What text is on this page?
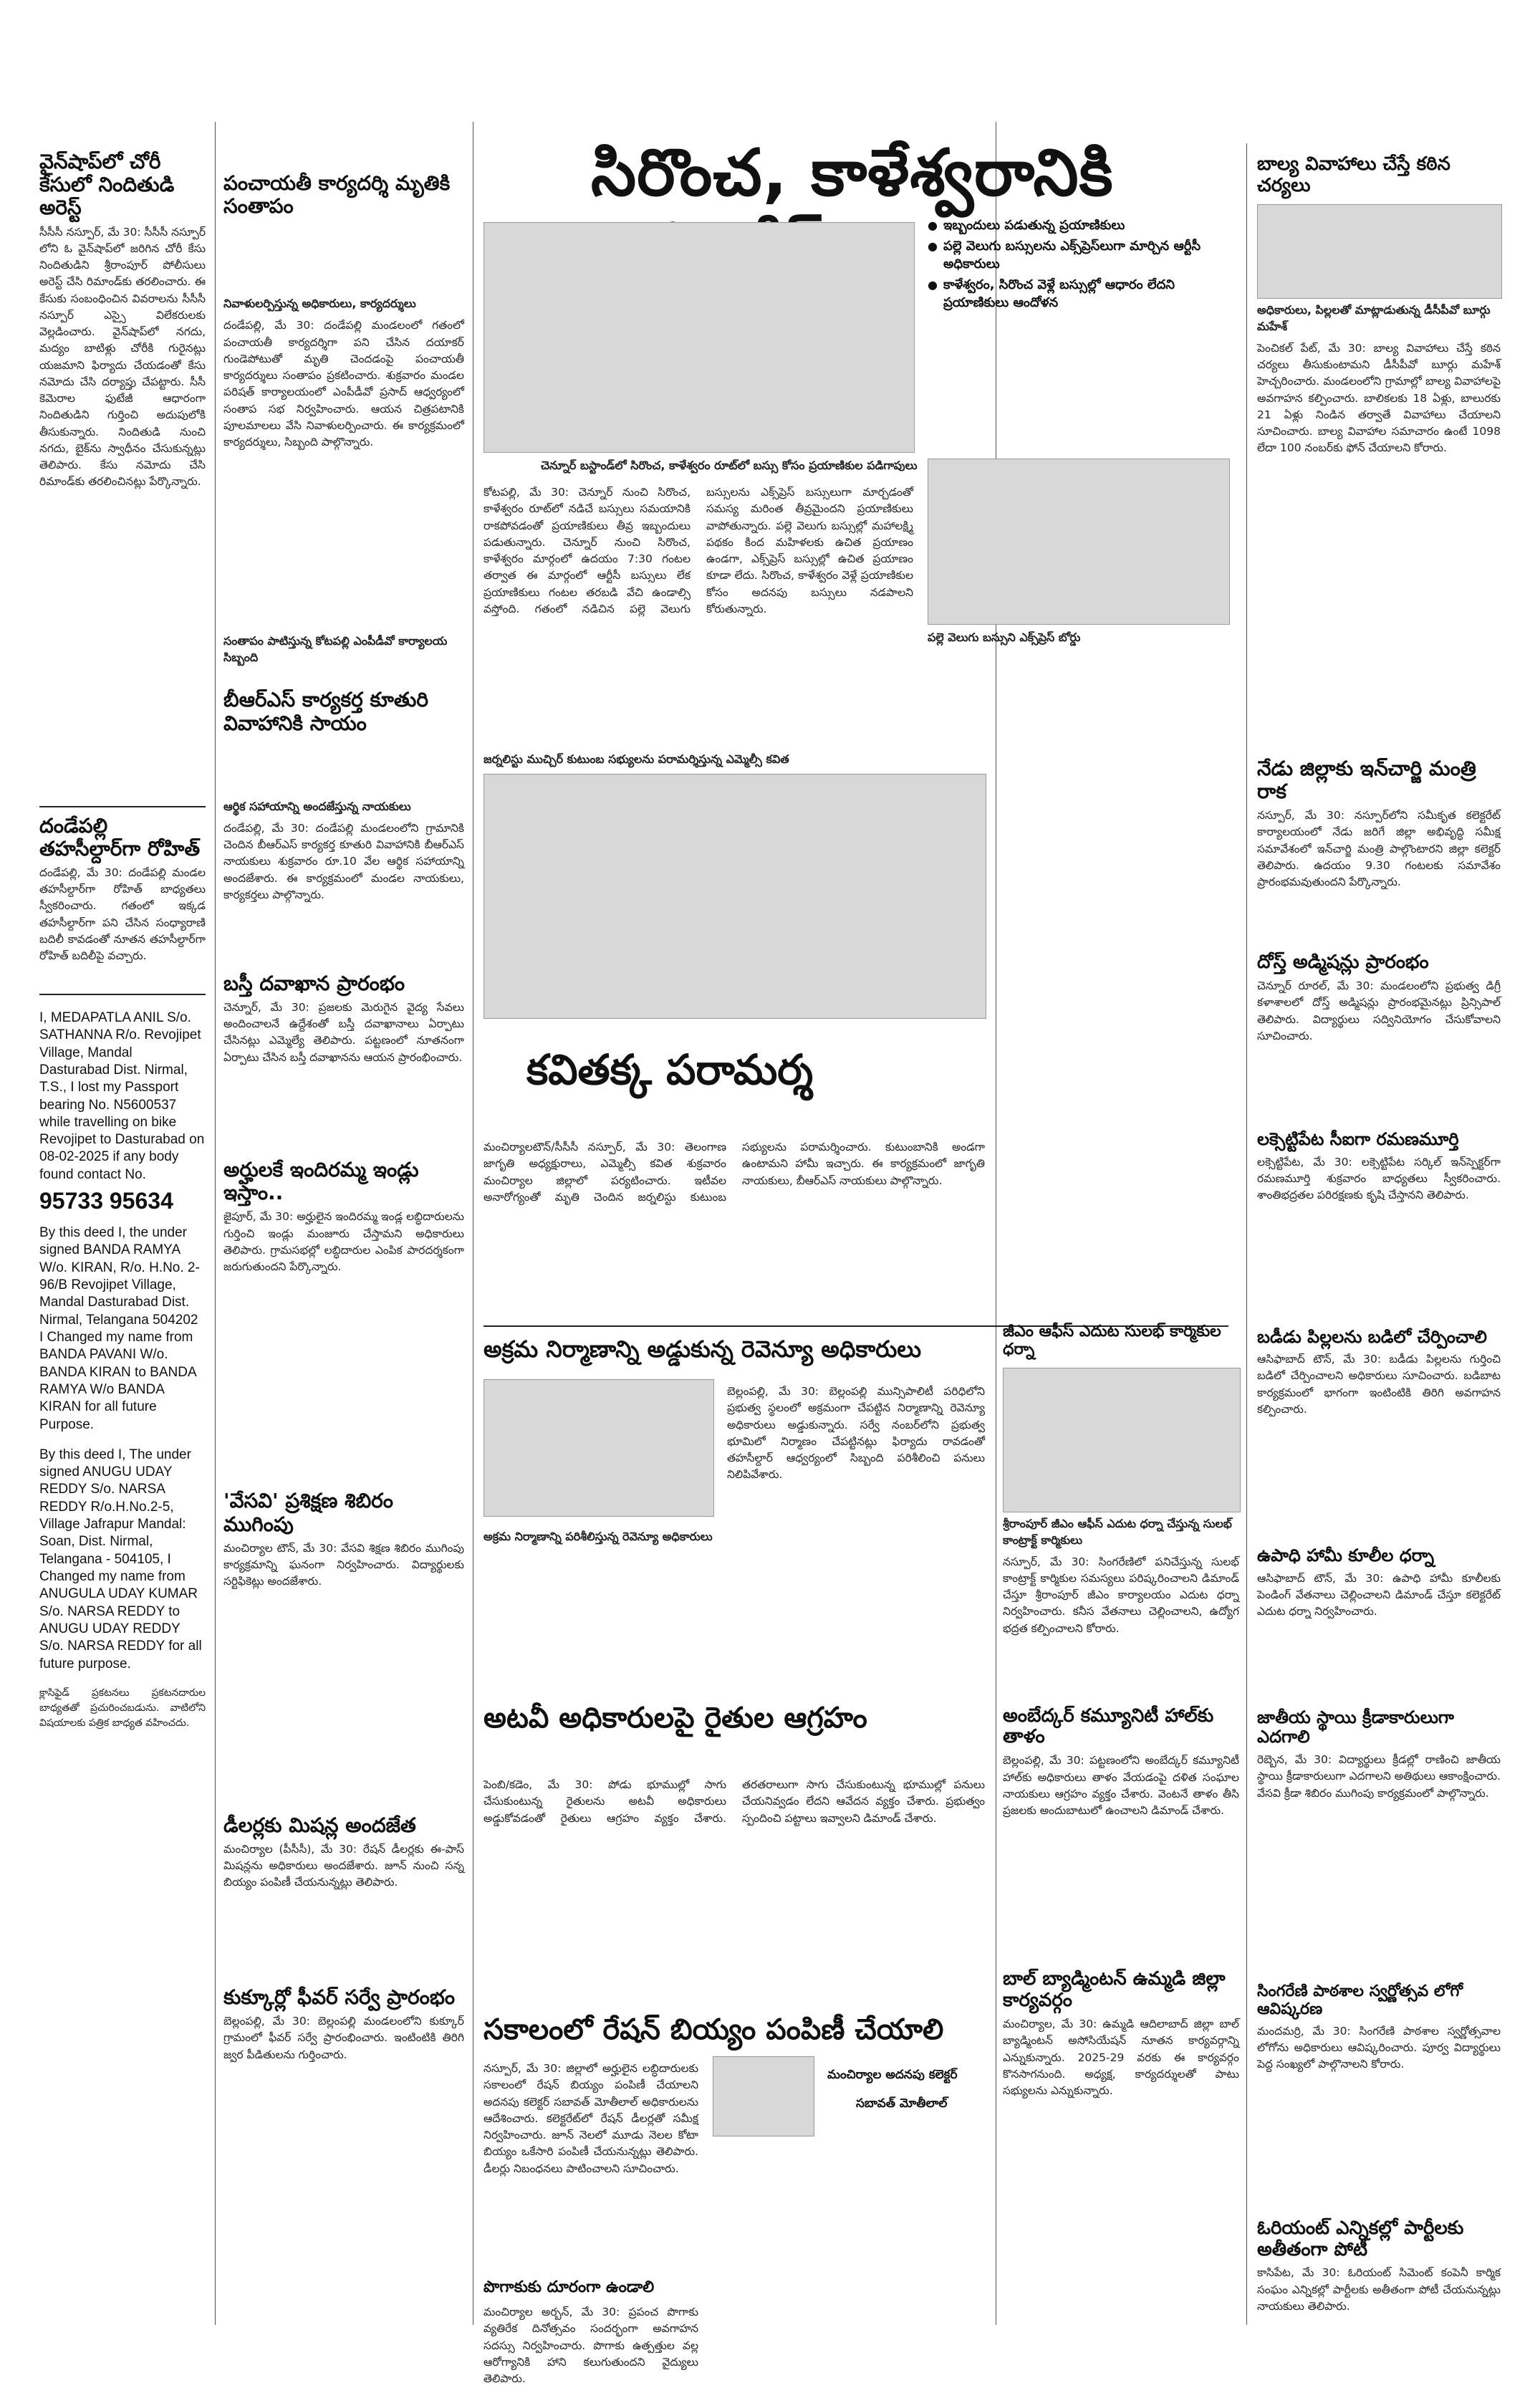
వైన్‌షాప్‌లో చోరీ కేసులో నిందితుడి అరెస్ట్
సీసీసీ నస్పూర్, మే 30: సీసీసీ నస్పూర్ లోని ఓ వైన్‌షాప్‌లో జరిగిన చోరీ కేసు నిందితుడిని శ్రీరాంపూర్ పోలీసులు అరెస్ట్ చేసి రిమాండ్‌కు తరలించారు. ఈ కేసుకు సంబంధించిన వివరాలను సీసీసీ నస్పూర్ ఎస్సై విలేకరులకు వెల్లడించారు. వైన్‌షాప్‌లో నగదు, మద్యం బాటిళ్లు చోరీకి గురైనట్లు యజమాని ఫిర్యాదు చేయడంతో కేసు నమోదు చేసి దర్యాప్తు చేపట్టారు. సీసీ కెమెరాల ఫుటేజీ ఆధారంగా నిందితుడిని గుర్తించి అదుపులోకి తీసుకున్నారు. నిందితుడి నుంచి నగదు, బైక్‌ను స్వాధీనం చేసుకున్నట్లు తెలిపారు. కేసు నమోదు చేసి రిమాండ్‌కు తరలించినట్లు పేర్కొన్నారు.
దండేపల్లి తహసీల్దార్‌గా రోహిత్
దండేపల్లి, మే 30: దండేపల్లి మండల తహసీల్దార్‌గా రోహిత్ బాధ్యతలు స్వీకరించారు. గతంలో ఇక్కడ తహసీల్దార్‌గా పని చేసిన సంధ్యారాణి బదిలీ కావడంతో నూతన తహసీల్దార్‌గా రోహిత్ బదిలీపై వచ్చారు.
I, MEDAPATLA ANIL S/o. SATHANNA R/o. Revojipet Village, Mandal Dasturabad Dist. Nirmal, T.S., I lost my Passport bearing No. N5600537 while travelling on bike Revojipet to Dasturabad on 08-02-2025 if any body found contact No.
95733 95634
By this deed I, the under signed BANDA RAMYA W/o. KIRAN, R/o. H.No. 2-96/B Revojipet Village, Mandal Dasturabad Dist. Nirmal, Telangana 504202 I Changed my name from BANDA PAVANI W/o. BANDA KIRAN to BANDA RAMYA W/o BANDA KIRAN for all future Purpose.
By this deed I, The under signed ANUGU UDAY REDDY S/o. NARSA REDDY R/o.H.No.2-5, Village Jafrapur Mandal: Soan, Dist. Nirmal, Telangana - 504105, I Changed my name from ANUGULA UDAY KUMAR S/o. NARSA REDDY to ANUGU UDAY REDDY S/o. NARSA REDDY for all future purpose.
క్లాసిఫైడ్ ప్రకటనలు ప్రకటనదారుల బాధ్యతతో ప్రచురించబడును. వాటిలోని విషయాలకు పత్రిక బాధ్యత వహించదు.
పంచాయతీ కార్యదర్శి మృతికి సంతాపం
నివాళులర్పిస్తున్న అధికారులు, కార్యదర్శులు
దండేపల్లి, మే 30: దండేపల్లి మండలంలో గతంలో పంచాయతీ కార్యదర్శిగా పని చేసిన దయాకర్ గుండెపోటుతో మృతి చెందడంపై పంచాయతీ కార్యదర్శులు సంతాపం ప్రకటించారు. శుక్రవారం మండల పరిషత్ కార్యాలయంలో ఎంపీడీవో ప్రసాద్ ఆధ్వర్యంలో సంతాప సభ నిర్వహించారు. ఆయన చిత్రపటానికి పూలమాలలు వేసి నివాళులర్పించారు. ఈ కార్యక్రమంలో కార్యదర్శులు, సిబ్బంది పాల్గొన్నారు.
సంతాపం పాటిస్తున్న కోటపల్లి ఎంపీడీవో కార్యాలయ సిబ్బంది
బీఆర్ఎస్ కార్యకర్త కూతురి వివాహానికి సాయం
ఆర్థిక సహాయాన్ని అందజేస్తున్న నాయకులు
దండేపల్లి, మే 30: దండేపల్లి మండలంలోని గ్రామానికి చెందిన బీఆర్ఎస్ కార్యకర్త కూతురి వివాహానికి బీఆర్ఎస్ నాయకులు శుక్రవారం రూ.10 వేల ఆర్థిక సహాయాన్ని అందజేశారు. ఈ కార్యక్రమంలో మండల నాయకులు, కార్యకర్తలు పాల్గొన్నారు.
బస్తీ దవాఖాన ప్రారంభం
చెన్నూర్, మే 30: ప్రజలకు మెరుగైన వైద్య సేవలు అందించాలనే ఉద్దేశంతో బస్తీ దవాఖానాలు ఏర్పాటు చేసినట్లు ఎమ్మెల్యే తెలిపారు. పట్టణంలో నూతనంగా ఏర్పాటు చేసిన బస్తీ దవాఖానను ఆయన ప్రారంభించారు.
అర్హులకే ఇందిరమ్మ ఇండ్లు ఇస్తాం..
జైపూర్, మే 30: అర్హులైన ఇందిరమ్మ ఇండ్ల లబ్ధిదారులను గుర్తించి ఇండ్లు మంజూరు చేస్తామని అధికారులు తెలిపారు. గ్రామసభల్లో లబ్ధిదారుల ఎంపిక పారదర్శకంగా జరుగుతుందని పేర్కొన్నారు.
'వేసవి' ప్రశిక్షణ శిబిరం ముగింపు
మంచిర్యాల టౌన్, మే 30: వేసవి శిక్షణ శిబిరం ముగింపు కార్యక్రమాన్ని ఘనంగా నిర్వహించారు. విద్యార్థులకు సర్టిఫికెట్లు అందజేశారు.
డీలర్లకు మిషన్ల అందజేత
మంచిర్యాల (పీసీసీ), మే 30: రేషన్ డీలర్లకు ఈ-పాస్ మిషన్లను అధికారులు అందజేశారు. జూన్ నుంచి సన్న బియ్యం పంపిణీ చేయనున్నట్లు తెలిపారు.
కుక్కూర్లో ఫీవర్ సర్వే ప్రారంభం
బెల్లంపల్లి, మే 30: బెల్లంపల్లి మండలంలోని కుక్కూర్ గ్రామంలో ఫీవర్ సర్వే ప్రారంభించారు. ఇంటింటికి తిరిగి జ్వర పీడితులను గుర్తించారు.
సిరొంచ, కాళేశ్వరానికి
● ఇబ్బందులు పడుతున్న ప్రయాణికులు
● పల్లె వెలుగు బస్సులను ఎక్స్‌ప్రెస్‌లుగా మార్చిన ఆర్టీసీ అధికారులు
● కాళేశ్వరం, సిరొంచ వెళ్లే బస్సుల్లో ఆధారం లేదని ప్రయాణికులు ఆందోళన
చెన్నూర్ బస్టాండ్‌లో సిరొంచ, కాళేశ్వరం రూట్‌లో బస్సు కోసం ప్రయాణికుల పడిగాపులు
పల్లె వెలుగు బస్సుని ఎక్స్‌ప్రెస్ బోర్డు
కోటపల్లి, మే 30: చెన్నూర్ నుంచి సిరొంచ, కాళేశ్వరం రూట్‌లో నడిచే బస్సులు సమయానికి రాకపోవడంతో ప్రయాణికులు తీవ్ర ఇబ్బందులు పడుతున్నారు. చెన్నూర్ నుంచి సిరొంచ, కాళేశ్వరం మార్గంలో ఉదయం 7:30 గంటల తర్వాత ఈ మార్గంలో ఆర్టీసీ బస్సులు లేక ప్రయాణికులు గంటల తరబడి వేచి ఉండాల్సి వస్తోంది. గతంలో నడిచిన పల్లె వెలుగు బస్సులను ఎక్స్‌ప్రెస్ బస్సులుగా మార్చడంతో సమస్య మరింత తీవ్రమైందని ప్రయాణికులు వాపోతున్నారు. పల్లె వెలుగు బస్సుల్లో మహాలక్ష్మి పథకం కింద మహిళలకు ఉచిత ప్రయాణం ఉండగా, ఎక్స్‌ప్రెస్ బస్సుల్లో ఉచిత ప్రయాణం కూడా లేదు. సిరొంచ, కాళేశ్వరం వెళ్లే ప్రయాణికుల కోసం అదనపు బస్సులు నడపాలని కోరుతున్నారు.
జర్నలిస్టు ముచ్చిర్ కుటుంబ సభ్యులను పరామర్శిస్తున్న ఎమ్మెల్సీ కవిత
కవితక్క పరామర్శ
మంచిర్యాలటౌన్/సీసీసీ నస్పూర్, మే 30: తెలంగాణ జాగృతి అధ్యక్షురాలు, ఎమ్మెల్సీ కవిత శుక్రవారం మంచిర్యాల జిల్లాలో పర్యటించారు. ఇటీవల అనారోగ్యంతో మృతి చెందిన జర్నలిస్టు కుటుంబ సభ్యులను పరామర్శించారు. కుటుంబానికి అండగా ఉంటామని హామీ ఇచ్చారు. ఈ కార్యక్రమంలో జాగృతి నాయకులు, బీఆర్ఎస్ నాయకులు పాల్గొన్నారు.
అక్రమ నిర్మాణాన్ని అడ్డుకున్న రెవెన్యూ అధికారులు
అక్రమ నిర్మాణాన్ని పరిశీలిస్తున్న రెవెన్యూ అధికారులు
బెల్లంపల్లి, మే 30: బెల్లంపల్లి మున్సిపాలిటీ పరిధిలోని ప్రభుత్వ స్థలంలో అక్రమంగా చేపట్టిన నిర్మాణాన్ని రెవెన్యూ అధికారులు అడ్డుకున్నారు. సర్వే నంబర్‌లోని ప్రభుత్వ భూమిలో నిర్మాణం చేపట్టినట్లు ఫిర్యాదు రావడంతో తహసీల్దార్ ఆధ్వర్యంలో సిబ్బంది పరిశీలించి పనులు నిలిపివేశారు.
అటవీ అధికారులపై రైతుల ఆగ్రహం
పెంబి/కడెం, మే 30: పోడు భూముల్లో సాగు చేసుకుంటున్న రైతులను అటవీ అధికారులు అడ్డుకోవడంతో రైతులు ఆగ్రహం వ్యక్తం చేశారు. తరతరాలుగా సాగు చేసుకుంటున్న భూముల్లో పనులు చేయనివ్వడం లేదని ఆవేదన వ్యక్తం చేశారు. ప్రభుత్వం స్పందించి పట్టాలు ఇవ్వాలని డిమాండ్ చేశారు.
సకాలంలో రేషన్ బియ్యం పంపిణీ చేయాలి
మంచిర్యాల అదనపు కలెక్టర్
సబావత్ మోతీలాల్
నస్పూర్, మే 30: జిల్లాలో అర్హులైన లబ్ధిదారులకు సకాలంలో రేషన్ బియ్యం పంపిణీ చేయాలని అదనపు కలెక్టర్ సబావత్ మోతీలాల్ అధికారులను ఆదేశించారు. కలెక్టరేట్‌లో రేషన్ డీలర్లతో సమీక్ష నిర్వహించారు. జూన్ నెలలో మూడు నెలల కోటా బియ్యం ఒకేసారి పంపిణీ చేయనున్నట్లు తెలిపారు. డీలర్లు నిబంధనలు పాటించాలని సూచించారు.
పొగాకుకు దూరంగా ఉండాలి
మంచిర్యాల అర్బన్, మే 30: ప్రపంచ పొగాకు వ్యతిరేక దినోత్సవం సందర్భంగా అవగాహన సదస్సు నిర్వహించారు. పొగాకు ఉత్పత్తుల వల్ల ఆరోగ్యానికి హాని కలుగుతుందని వైద్యులు తెలిపారు.
జీఎం ఆఫీస్ ఎదుట సులభ్ కార్మికుల ధర్నా
శ్రీరాంపూర్ జీఎం ఆఫీస్ ఎదుట ధర్నా చేస్తున్న సులభ్ కాంట్రాక్ట్ కార్మికులు
నస్పూర్, మే 30: సింగరేణిలో పనిచేస్తున్న సులభ్ కాంట్రాక్ట్ కార్మికుల సమస్యలు పరిష్కరించాలని డిమాండ్ చేస్తూ శ్రీరాంపూర్ జీఎం కార్యాలయం ఎదుట ధర్నా నిర్వహించారు. కనీస వేతనాలు చెల్లించాలని, ఉద్యోగ భద్రత కల్పించాలని కోరారు.
అంబేద్కర్ కమ్యూనిటీ హాల్‌కు తాళం
బెల్లంపల్లి, మే 30: పట్టణంలోని అంబేద్కర్ కమ్యూనిటీ హాల్‌కు అధికారులు తాళం వేయడంపై దళిత సంఘాల నాయకులు ఆగ్రహం వ్యక్తం చేశారు. వెంటనే తాళం తీసి ప్రజలకు అందుబాటులో ఉంచాలని డిమాండ్ చేశారు.
బాల్ బ్యాడ్మింటన్ ఉమ్మడి జిల్లా కార్యవర్గం
మంచిర్యాల, మే 30: ఉమ్మడి ఆదిలాబాద్ జిల్లా బాల్ బ్యాడ్మింటన్ అసోసియేషన్ నూతన కార్యవర్గాన్ని ఎన్నుకున్నారు. 2025-29 వరకు ఈ కార్యవర్గం కొనసాగనుంది. అధ్యక్ష, కార్యదర్శులతో పాటు సభ్యులను ఎన్నుకున్నారు.
బాల్య వివాహాలు చేస్తే కఠిన చర్యలు
అధికారులు, పిల్లలతో మాట్లాడుతున్న డీసీపీవో బూర్గు మహేశ్
పెంచికల్ పేట్, మే 30: బాల్య వివాహాలు చేస్తే కఠిన చర్యలు తీసుకుంటామని డీసీపీవో బూర్గు మహేశ్ హెచ్చరించారు. మండలంలోని గ్రామాల్లో బాల్య వివాహాలపై అవగాహన కల్పించారు. బాలికలకు 18 ఏళ్లు, బాలురకు 21 ఏళ్లు నిండిన తర్వాతే వివాహాలు చేయాలని సూచించారు. బాల్య వివాహాల సమాచారం ఉంటే 1098 లేదా 100 నంబర్‌కు ఫోన్ చేయాలని కోరారు.
నేడు జిల్లాకు ఇన్‌చార్జి మంత్రి రాక
నస్పూర్, మే 30: నస్పూర్‌లోని సమీకృత కలెక్టరేట్ కార్యాలయంలో నేడు జరిగే జిల్లా అభివృద్ధి సమీక్ష సమావేశంలో ఇన్‌చార్జి మంత్రి పాల్గొంటారని జిల్లా కలెక్టర్ తెలిపారు. ఉదయం 9.30 గంటలకు సమావేశం ప్రారంభమవుతుందని పేర్కొన్నారు.
దోస్త్ అడ్మిషన్లు ప్రారంభం
చెన్నూర్ రూరల్, మే 30: మండలంలోని ప్రభుత్వ డిగ్రీ కళాశాలలో దోస్త్ అడ్మిషన్లు ప్రారంభమైనట్లు ప్రిన్సిపాల్ తెలిపారు. విద్యార్థులు సద్వినియోగం చేసుకోవాలని సూచించారు.
లక్సెట్టిపేట సీఐగా రమణమూర్తి
లక్సెట్టిపేట, మే 30: లక్సెట్టిపేట సర్కిల్ ఇన్‌స్పెక్టర్‌గా రమణమూర్తి శుక్రవారం బాధ్యతలు స్వీకరించారు. శాంతిభద్రతల పరిరక్షణకు కృషి చేస్తానని తెలిపారు.
బడీడు పిల్లలను బడిలో చేర్పించాలి
ఆసిఫాబాద్ టౌన్, మే 30: బడీడు పిల్లలను గుర్తించి బడిలో చేర్పించాలని అధికారులు సూచించారు. బడిబాట కార్యక్రమంలో భాగంగా ఇంటింటికి తిరిగి అవగాహన కల్పించారు.
ఉపాధి హామీ కూలీల ధర్నా
ఆసిఫాబాద్ టౌన్, మే 30: ఉపాధి హామీ కూలీలకు పెండింగ్ వేతనాలు చెల్లించాలని డిమాండ్ చేస్తూ కలెక్టరేట్ ఎదుట ధర్నా నిర్వహించారు.
జాతీయ స్థాయి క్రీడాకారులుగా ఎదగాలి
రెబ్బెన, మే 30: విద్యార్థులు క్రీడల్లో రాణించి జాతీయ స్థాయి క్రీడాకారులుగా ఎదగాలని అతిథులు ఆకాంక్షించారు. వేసవి క్రీడా శిబిరం ముగింపు కార్యక్రమంలో పాల్గొన్నారు.
సింగరేణి పాఠశాల స్వర్ణోత్సవ లోగో ఆవిష్కరణ
మందమర్రి, మే 30: సింగరేణి పాఠశాల స్వర్ణోత్సవాల లోగోను అధికారులు ఆవిష్కరించారు. పూర్వ విద్యార్థులు పెద్ద సంఖ్యలో పాల్గొనాలని కోరారు.
ఓరియంట్ ఎన్నికల్లో పార్టీలకు అతీతంగా పోటీ
కాసిపేట, మే 30: ఓరియంట్ సిమెంట్ కంపెనీ కార్మిక సంఘం ఎన్నికల్లో పార్టీలకు అతీతంగా పోటీ చేయనున్నట్లు నాయకులు తెలిపారు.
